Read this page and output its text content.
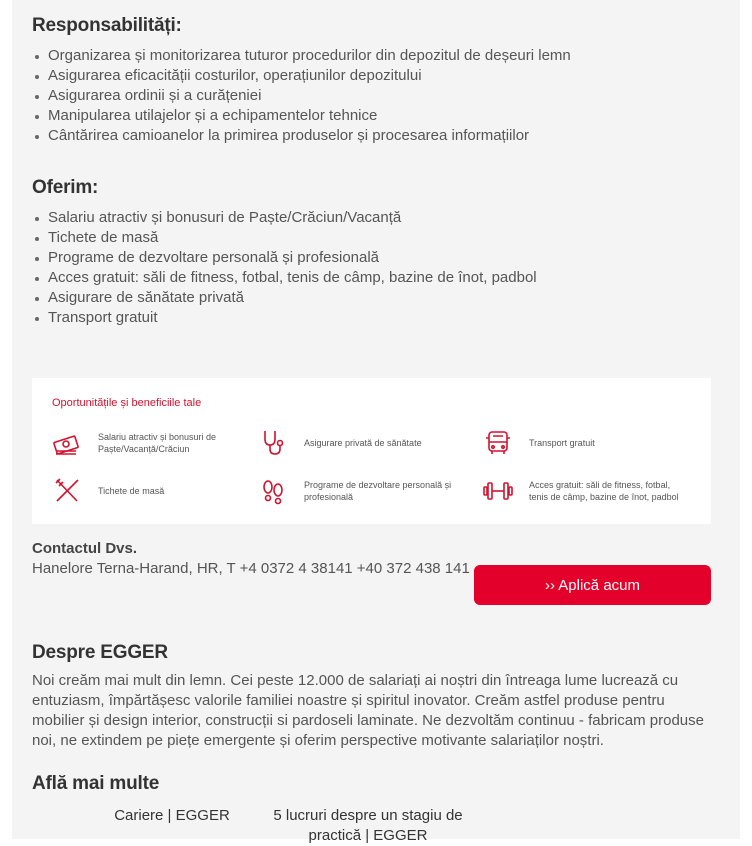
Responsabilități:
Organizarea și monitorizarea tuturor procedurilor din depozitul de deșeuri lemn
Asigurarea eficacității costurilor, operațiunilor depozitului
Asigurarea ordinii și a curățeniei
Manipularea utilajelor și a echipamentelor tehnice
Cântărirea camioanelor la primirea produselor și procesarea informațiilor
Oferim:
Salariu atractiv și bonusuri de Paște/Crăciun/Vacanță
Tichete de masă
Programe de dezvoltare personală și profesională
Acces gratuit: săli de fitness, fotbal, tenis de câmp, bazine de înot, padbol
Asigurare de sănătate privată
Transport gratuit
Oportunitățile și beneficiile tale
Salariu atractiv și bonusuri de Paște/Vacanță/Crăciun
Asigurare privată de sănătate	Transport gratuit
Tichete de masă
Programe de dezvoltare personală și profesională
Acces gratuit: săli de fitness, fotbal, tenis de câmp, bazine de înot, padbol
Contactul Dvs.
Hanelore Terna-Harand, HR, T +4 0372 4 38141 +40 372 438 141
›› Aplică acum
Despre EGGER
Noi creăm mai mult din lemn. Cei peste 12.000 de salariați ai noștri din întreaga lume lucrează cu entuziasm, împărtășesc valorile familiei noastre și spiritul inovator. Creăm astfel produse pentru mobilier și design interior, construcții si pardoseli laminate. Ne dezvoltăm continuu - fabricam produse noi, ne extindem pe piețe emergente și oferim perspective motivante salariaților noștri.
Află mai multe
Cariere | EGGER	5 lucruri despre un stagiu de practică | EGGER
